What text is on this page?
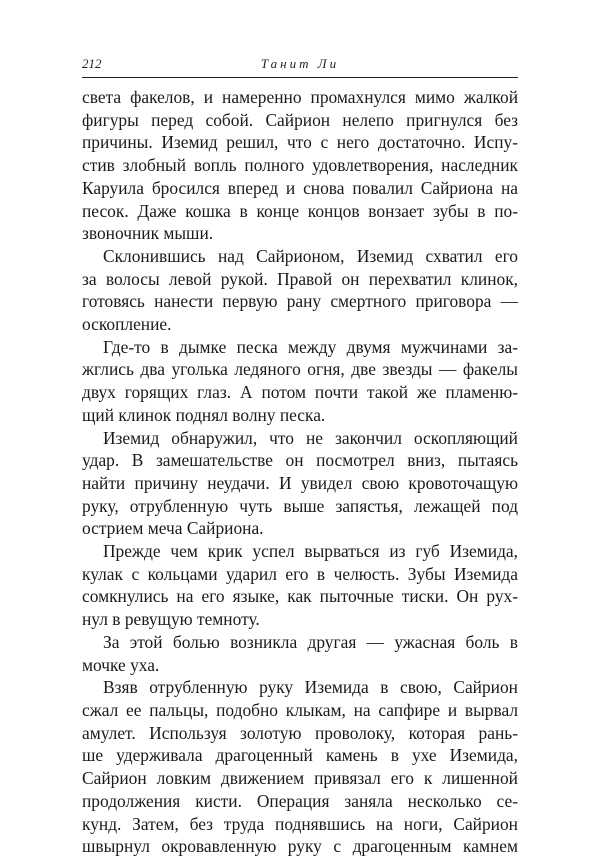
212	Танит Ли
света факелов, и намеренно промахнулся мимо жалкой
фигуры перед собой. Сайрион нелепо пригнулся без
причины. Иземид решил, что с него достаточно. Испу-
стив злобный вопль полного удовлетворения, наследник
Каруила бросился вперед и снова повалил Сайриона на
песок. Даже кошка в конце концов вонзает зубы в по-
звоночник мыши.
Склонившись над Сайрионом, Иземид схватил его
за волосы левой рукой. Правой он перехватил клинок,
готовясь нанести первую рану смертного приговора —
оскопление.
Где-то в дымке песка между двумя мужчинами за-
жглись два уголька ледяного огня, две звезды — факелы
двух горящих глаз. А потом почти такой же пламеню-
щий клинок поднял волну песка.
Иземид обнаружил, что не закончил оскопляющий
удар. В замешательстве он посмотрел вниз, пытаясь
найти причину неудачи. И увидел свою кровоточащую
руку, отрубленную чуть выше запястья, лежащей под
острием меча Сайриона.
Прежде чем крик успел вырваться из губ Иземида,
кулак с кольцами ударил его в челюсть. Зубы Иземида
сомкнулись на его языке, как пыточные тиски. Он рух-
нул в ревущую темноту.
За этой болью возникла другая — ужасная боль в
мочке уха.
Взяв отрубленную руку Иземида в свою, Сайрион
сжал ее пальцы, подобно клыкам, на сапфире и вырвал
амулет. Используя золотую проволоку, которая рань-
ше удерживала драгоценный камень в ухе Иземида,
Сайрион ловким движением привязал его к лишенной
продолжения кисти. Операция заняла несколько се-
кунд. Затем, без труда поднявшись на ноги, Сайрион
швырнул окровавленную руку с драгоценным камнем
